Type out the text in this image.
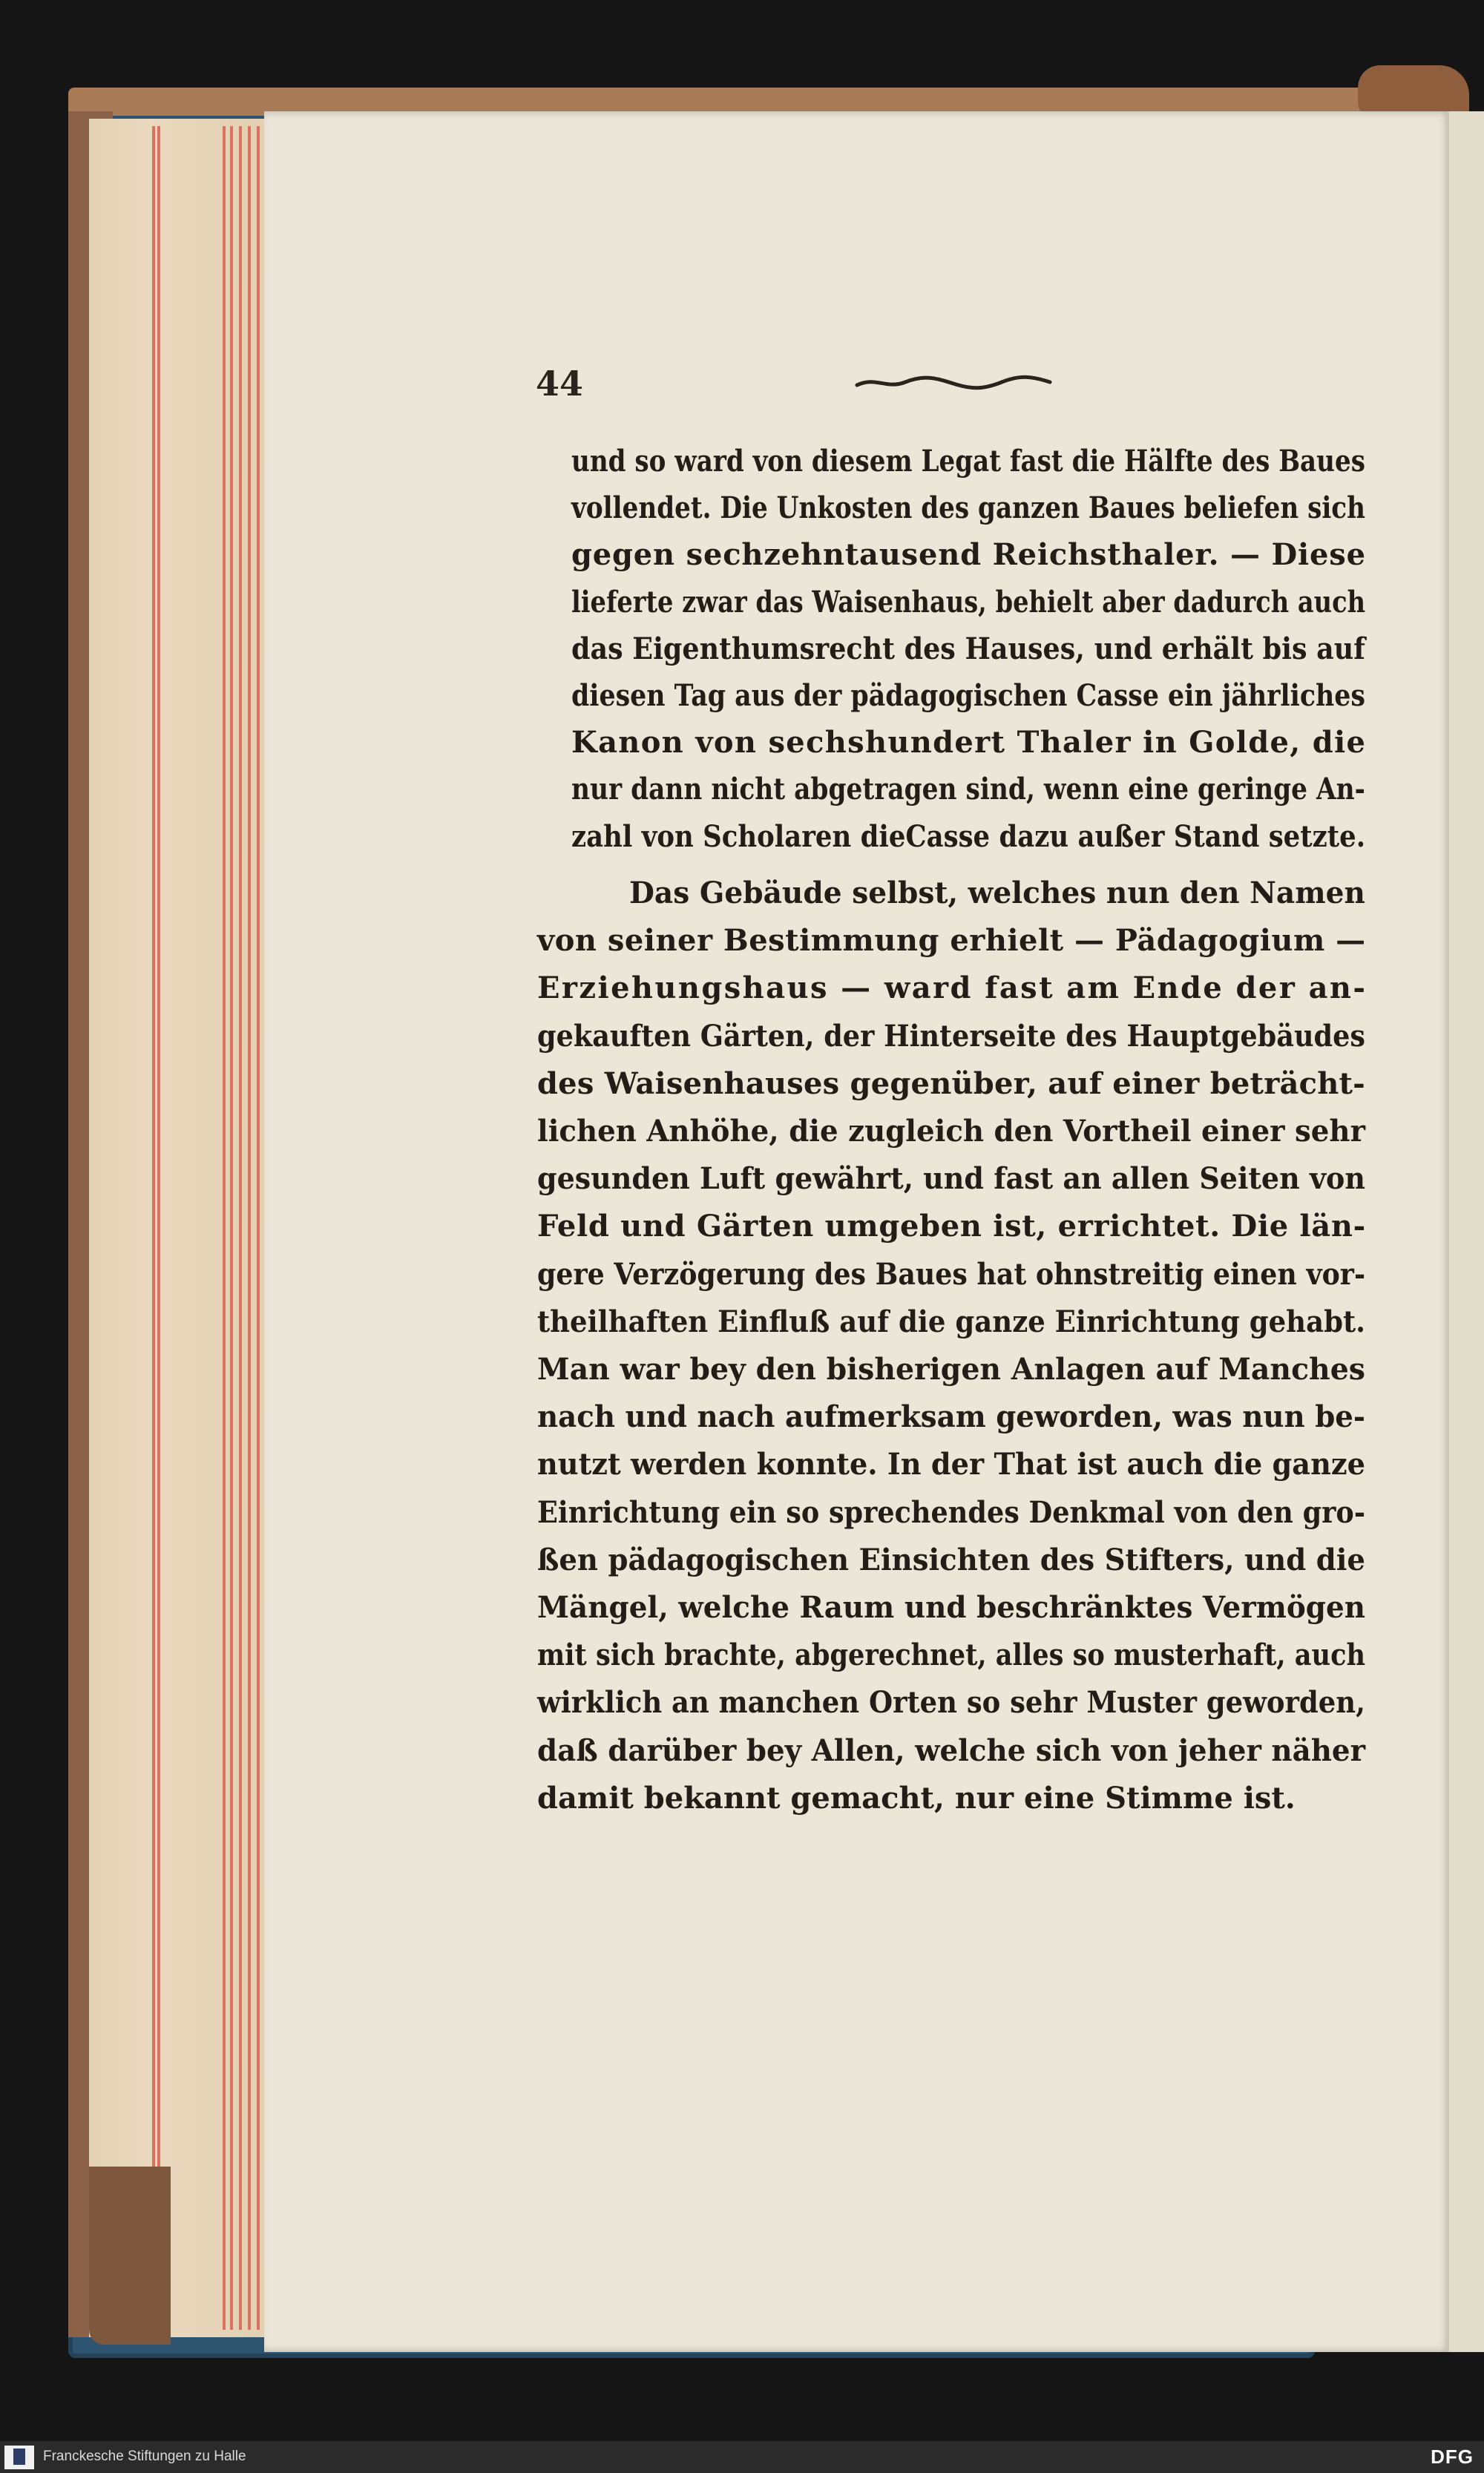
44
und so ward von diesem Legat fast die Hälfte des Baues
vollendet. Die Unkosten des ganzen Baues beliefen sich
gegen sechzehntausend Reichsthaler. — Diese
lieferte zwar das Waisenhaus, behielt aber dadurch auch
das Eigenthumsrecht des Hauses, und erhält bis auf
diesen Tag aus der pädagogischen Casse ein jährliches
Kanon von sechshundert Thaler in Golde, die
nur dann nicht abgetragen sind, wenn eine geringe An-
zahl von Scholaren dieCasse dazu außer Stand setzte.
Das Gebäude selbst, welches nun den Namen
von seiner Bestimmung erhielt — Pädagogium —
Erziehungshaus — ward fast am Ende der an-
gekauften Gärten, der Hinterseite des Hauptgebäudes
des Waisenhauses gegenüber, auf einer beträcht-
lichen Anhöhe, die zugleich den Vortheil einer sehr
gesunden Luft gewährt, und fast an allen Seiten von
Feld und Gärten umgeben ist, errichtet. Die län-
gere Verzögerung des Baues hat ohnstreitig einen vor-
theilhaften Einfluß auf die ganze Einrichtung gehabt.
Man war bey den bisherigen Anlagen auf Manches
nach und nach aufmerksam geworden, was nun be-
nutzt werden konnte. In der That ist auch die ganze
Einrichtung ein so sprechendes Denkmal von den gro-
ßen pädagogischen Einsichten des Stifters, und die
Mängel, welche Raum und beschränktes Vermögen
mit sich brachte, abgerechnet, alles so musterhaft, auch
wirklich an manchen Orten so sehr Muster geworden,
daß darüber bey Allen, welche sich von jeher näher
damit bekannt gemacht, nur eine Stimme ist.
Franckesche Stiftungen zu Halle	DFG
